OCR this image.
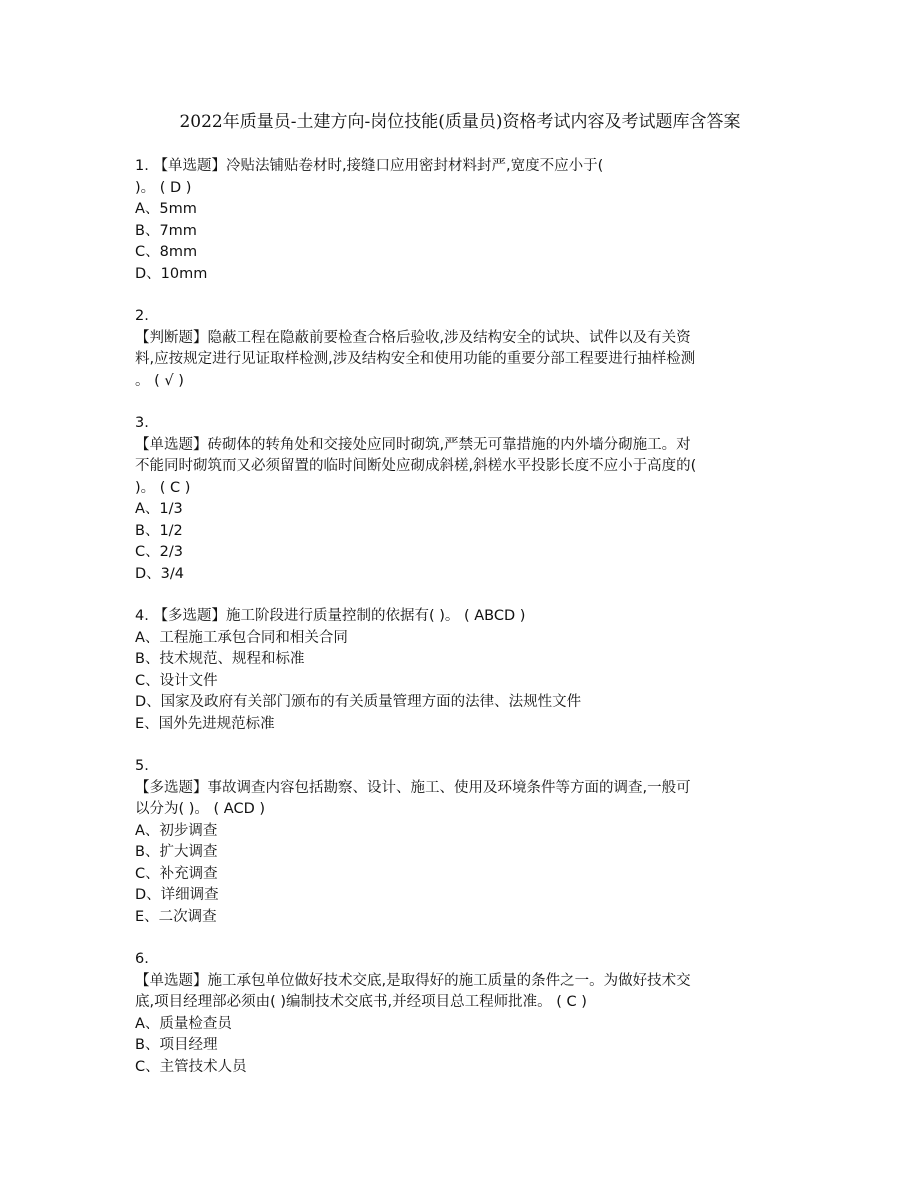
2022年质量员-土建方向-岗位技能(质量员)资格考试内容及考试题库含答案
1. 【单选题】冷贴法铺贴卷材时,接缝口应用密封材料封严,宽度不应小于(
)。 ( D )
A、5mm
B、7mm
C、8mm
D、10mm
2.
【判断题】隐蔽工程在隐蔽前要检查合格后验收,涉及结构安全的试块、试件以及有关资
料,应按规定进行见证取样检测,涉及结构安全和使用功能的重要分部工程要进行抽样检测
。 ( √ )
3.
【单选题】砖砌体的转角处和交接处应同时砌筑,严禁无可靠措施的内外墙分砌施工。对
不能同时砌筑而又必须留置的临时间断处应砌成斜槎,斜槎水平投影长度不应小于高度的(
)。 ( C )
A、1/3
B、1/2
C、2/3
D、3/4
4. 【多选题】施工阶段进行质量控制的依据有( )。 ( ABCD )
A、工程施工承包合同和相关合同
B、技术规范、规程和标准
C、设计文件
D、国家及政府有关部门颁布的有关质量管理方面的法律、法规性文件
E、国外先进规范标准
5.
【多选题】事故调查内容包括勘察、设计、施工、使用及环境条件等方面的调查,一般可
以分为( )。 ( ACD )
A、初步调查
B、扩大调查
C、补充调查
D、详细调查
E、二次调查
6.
【单选题】施工承包单位做好技术交底,是取得好的施工质量的条件之一。为做好技术交
底,项目经理部必须由( )编制技术交底书,并经项目总工程师批准。 ( C )
A、质量检查员
B、项目经理
C、主管技术人员
